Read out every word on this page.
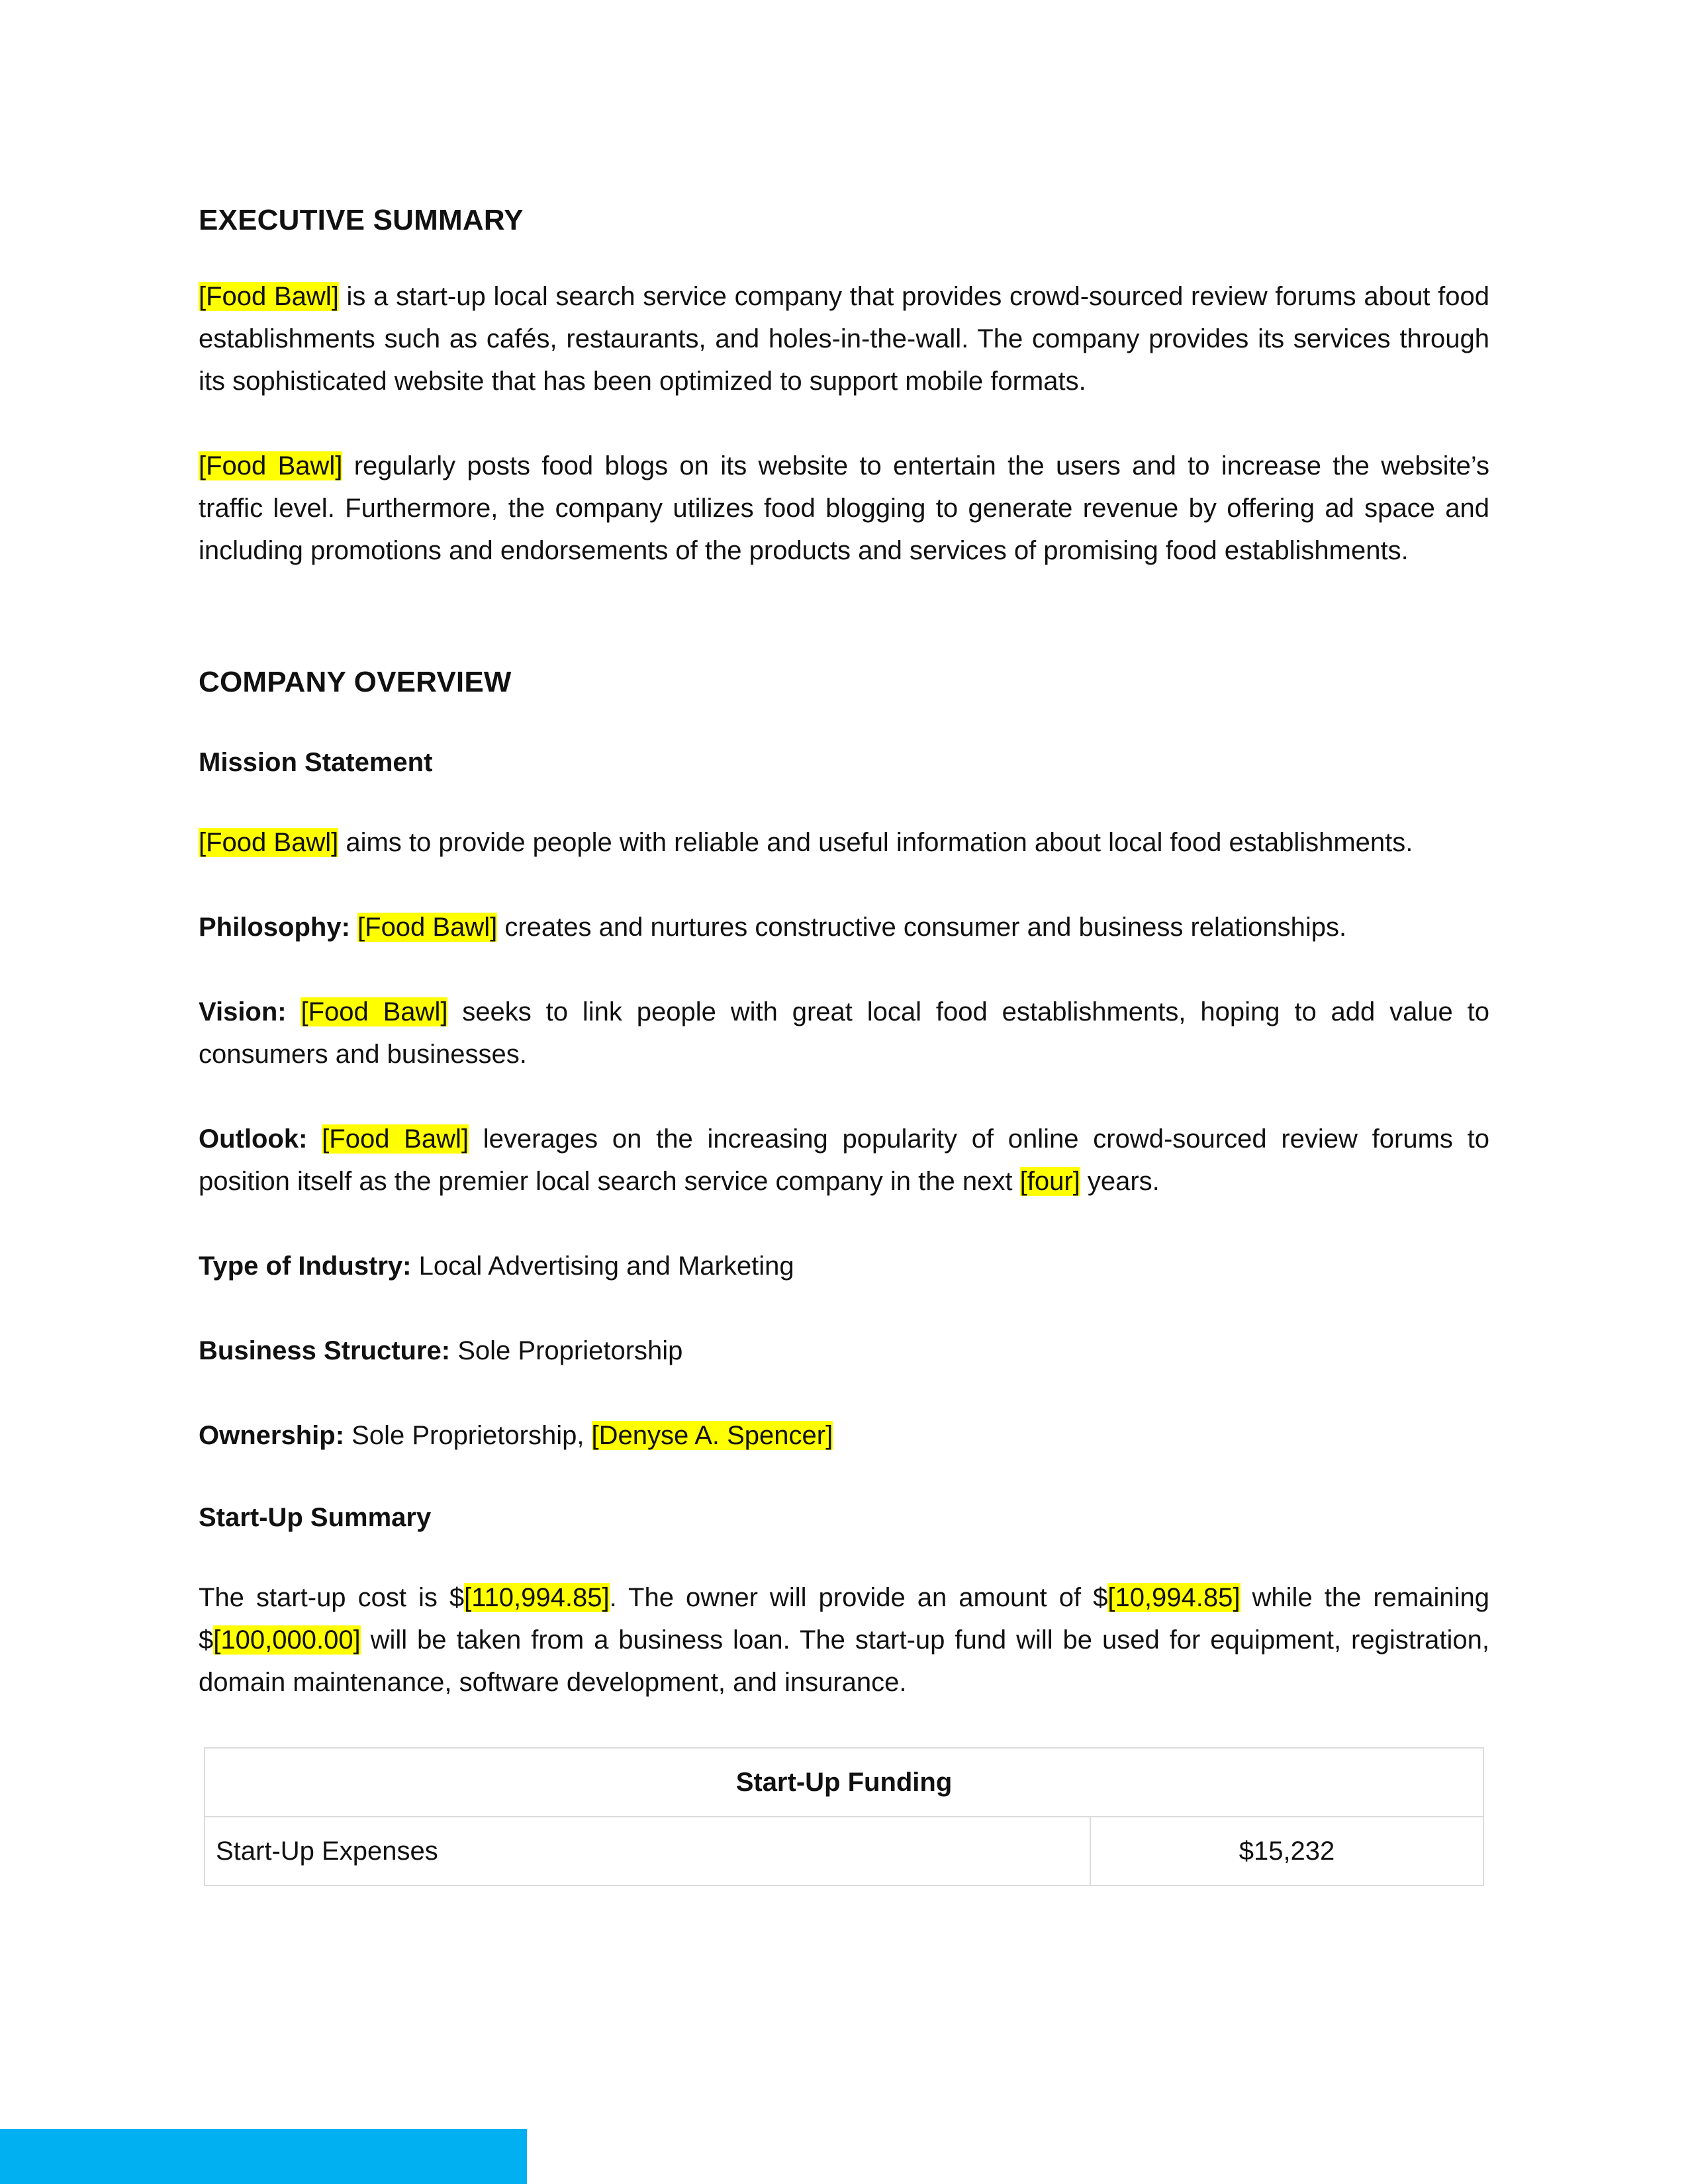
EXECUTIVE SUMMARY

[Food Bawl] is a start-up local search service company that provides crowd-sourced review forums about food establishments such as cafés, restaurants, and holes-in-the-wall. The company provides its services through its sophisticated website that has been optimized to support mobile formats.

[Food Bawl] regularly posts food blogs on its website to entertain the users and to increase the website’s traffic level. Furthermore, the company utilizes food blogging to generate revenue by offering ad space and including promotions and endorsements of the products and services of promising food establishments.

COMPANY OVERVIEW
Mission Statement

[Food Bawl] aims to provide people with reliable and useful information about local food establishments.

Philosophy: [Food Bawl] creates and nurtures constructive consumer and business relationships.

Vision: [Food Bawl] seeks to link people with great local food establishments, hoping to add value to consumers and businesses.

Outlook: [Food Bawl] leverages on the increasing popularity of online crowd-sourced review forums to position itself as the premier local search service company in the next [four] years.

Type of Industry: Local Advertising and Marketing

Business Structure: Sole Proprietorship

Ownership: Sole Proprietorship, [Denyse A. Spencer]

Start-Up Summary

The start-up cost is $[110,994.85]. The owner will provide an amount of $[10,994.85] while the remaining $[100,000.00] will be taken from a business loan. The start-up fund will be used for equipment, registration, domain maintenance, software development, and insurance.

Start-Up Funding
Start-Up Expenses	$15,232
